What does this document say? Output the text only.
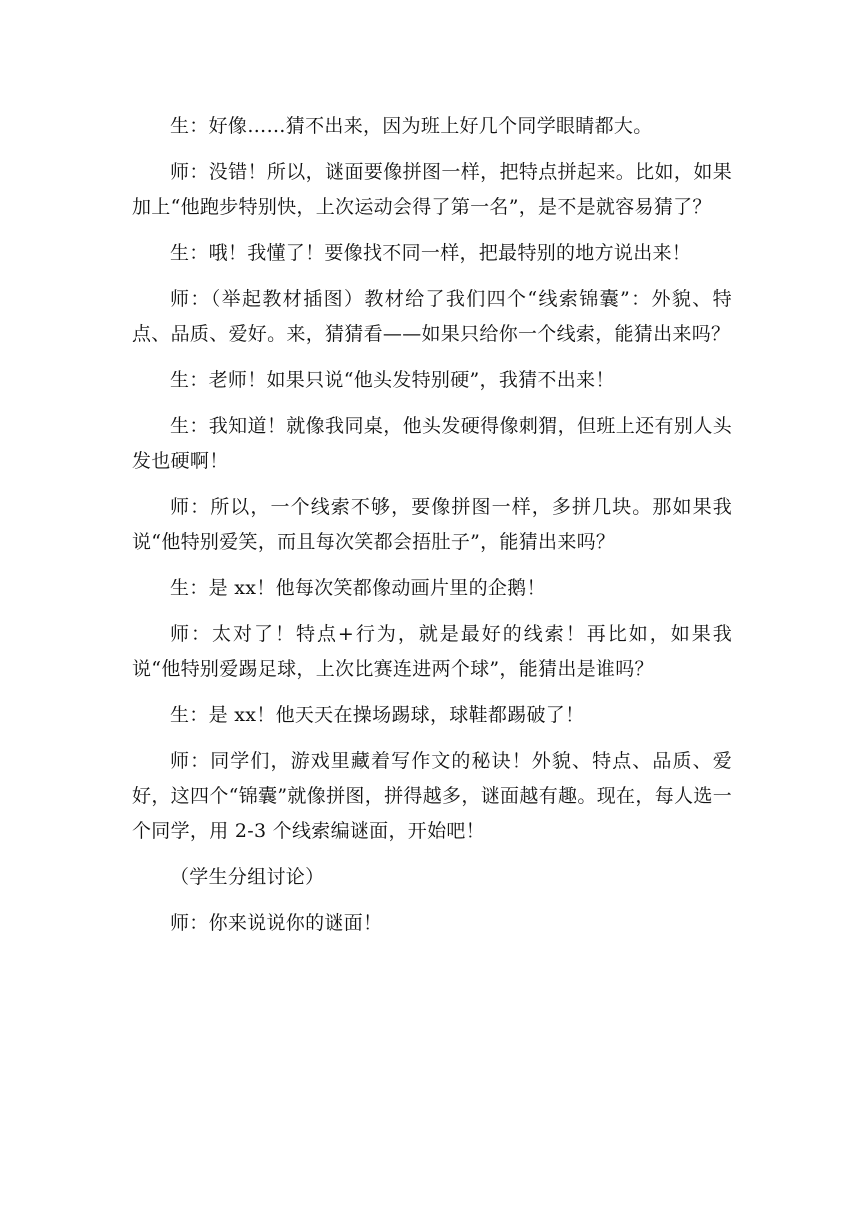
生：好像……猜不出来，因为班上好几个同学眼睛都大。

师：没错！所以，谜面要像拼图一样，把特点拼起来。比如，如果加上“他跑步特别快，上次运动会得了第一名”，是不是就容易猜了？

生：哦！我懂了！要像找不同一样，把最特别的地方说出来！

师：（举起教材插图）教材给了我们四个“线索锦囊”：外貌、特点、品质、爱好。来，猜猜看——如果只给你一个线索，能猜出来吗？

生：老师！如果只说“他头发特别硬”，我猜不出来！

生：我知道！就像我同桌，他头发硬得像刺猬，但班上还有别人头发也硬啊！

师：所以，一个线索不够，要像拼图一样，多拼几块。那如果我说“他特别爱笑，而且每次笑都会捂肚子”，能猜出来吗？

生：是 xx！他每次笑都像动画片里的企鹅！

师：太对了！特点+行为，就是最好的线索！再比如，如果我说“他特别爱踢足球，上次比赛连进两个球”，能猜出是谁吗？

生：是 xx！他天天在操场踢球，球鞋都踢破了！

师：同学们，游戏里藏着写作文的秘诀！外貌、特点、品质、爱好，这四个“锦囊”就像拼图，拼得越多，谜面越有趣。现在，每人选一个同学，用 2-3 个线索编谜面，开始吧！

（学生分组讨论）

师：你来说说你的谜面！
